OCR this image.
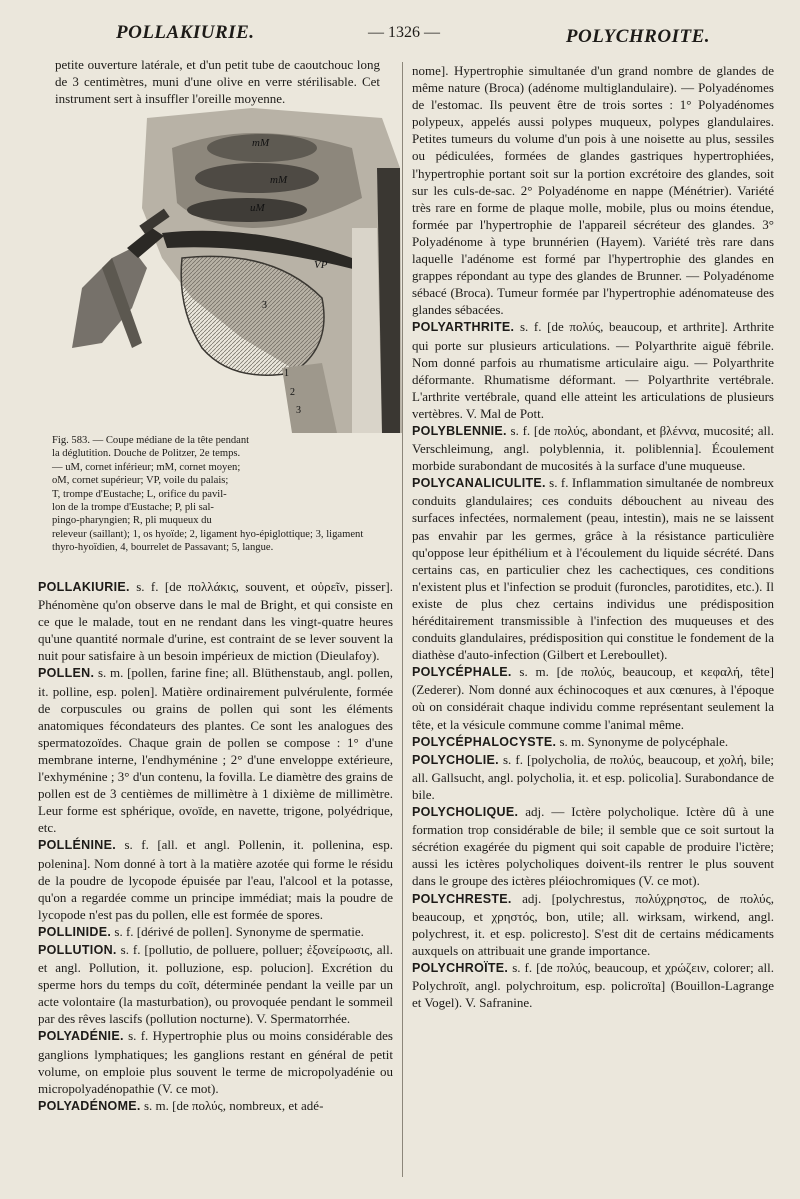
POLLAKIURIE.	— 1326 —	POLYCHROITE.

petite ouverture latérale, et d'un petit tube de caoutchouc long de 3 centimètres, muni d'une olive en verre stérilisable. Cet instrument sert à insuffler l'oreille moyenne.

mM
mM
uM
VP
3
2
1
3

Fig. 583. — Coupe médiane de la tête pendant

la déglutition. Douche de Politzer, 2e temps.

— uM, cornet inférieur; mM, cornet moyen;

oM, cornet supérieur; VP, voile du palais;

T, trompe d'Eustache; L, orifice du pavil-

lon de la trompe d'Eustache; P, pli sal-

pingo-pharyngien; R, pli muqueux du

releveur (saillant); 1, os hyoïde; 2, ligament hyo-épiglottique; 3, ligament

thyro-hyoïdien, 4, bourrelet de Passavant; 5, langue.

POLLAKIURIE. s. f. [de πολλάκις, souvent, et οὐρεῖν, pisser]. Phénomène qu'on observe dans le mal de Bright, et qui consiste en ce que le malade, tout en ne rendant dans les vingt-quatre heures qu'une quantité normale d'urine, est contraint de se lever souvent la nuit pour satisfaire à un besoin impérieux de miction (Dieulafoy).

POLLEN. s. m. [pollen, farine fine; all. Blüthenstaub, angl. pollen, it. polline, esp. polen]. Matière ordinairement pulvérulente, formée de corpuscules ou grains de pollen qui sont les éléments anatomiques fécondateurs des plantes. Ce sont les analogues des spermatozoïdes. Chaque grain de pollen se compose : 1° d'une membrane interne, l'endhyménine ; 2° d'une enveloppe extérieure, l'exhyménine ; 3° d'un contenu, la fovilla. Le diamètre des grains de pollen est de 3 centièmes de millimètre à 1 dixième de millimètre. Leur forme est sphérique, ovoïde, en navette, trigone, polyédrique, etc.

POLLÉNINE. s. f. [all. et angl. Pollenin, it. pollenina, esp. polenina]. Nom donné à tort à la matière azotée qui forme le résidu de la poudre de lycopode épuisée par l'eau, l'alcool et la potasse, qu'on a regardée comme un principe immédiat; mais la poudre de lycopode n'est pas du pollen, elle est formée de spores.

POLLINIDE. s. f. [dérivé de pollen]. Synonyme de spermatie.

POLLUTION. s. f. [pollutio, de polluere, polluer; ἐξονείρωσις, all. et angl. Pollution, it. polluzione, esp. polucion]. Excrétion du sperme hors du temps du coït, déterminée pendant la veille par un acte volontaire (la masturbation), ou provoquée pendant le sommeil par des rêves lascifs (pollution nocturne). V. Spermatorrhée.

POLYADÉNIE. s. f. Hypertrophie plus ou moins considérable des ganglions lymphatiques; les ganglions restant en général de petit volume, on emploie plus souvent le terme de micropolyadénie ou micropolyadénopathie (V. ce mot).

POLYADÉNOME. s. m. [de πολύς, nombreux, et adé-

nome]. Hypertrophie simultanée d'un grand nombre de glandes de même nature (Broca) (adénome multiglandulaire). — Polyadénomes de l'estomac. Ils peuvent être de trois sortes : 1° Polyadénomes polypeux, appelés aussi polypes muqueux, polypes glandulaires. Petites tumeurs du volume d'un pois à une noisette au plus, sessiles ou pédiculées, formées de glandes gastriques hypertrophiées, l'hypertrophie portant soit sur la portion excrétoire des glandes, soit sur les culs-de-sac. 2° Polyadénome en nappe (Ménétrier). Variété très rare en forme de plaque molle, mobile, plus ou moins étendue, formée par l'hypertrophie de l'appareil sécréteur des glandes. 3° Polyadénome à type brunnérien (Hayem). Variété très rare dans laquelle l'adénome est formé par l'hypertrophie des glandes en grappes répondant au type des glandes de Brunner. — Polyadénome sébacé (Broca). Tumeur formée par l'hypertrophie adénomateuse des glandes sébacées.

POLYARTHRITE. s. f. [de πολύς, beaucoup, et arthrite]. Arthrite qui porte sur plusieurs articulations. — Polyarthrite aiguë fébrile. Nom donné parfois au rhumatisme articulaire aigu. — Polyarthrite déformante. Rhumatisme déformant. — Polyarthrite vertébrale. L'arthrite vertébrale, quand elle atteint les articulations de plusieurs vertèbres. V. Mal de Pott.

POLYBLENNIE. s. f. [de πολύς, abondant, et βλέννα, mucosité; all. Verschleimung, angl. polyblennia, it. poliblennia]. Écoulement morbide surabondant de mucosités à la surface d'une muqueuse.

POLYCANALICULITE. s. f. Inflammation simultanée de nombreux conduits glandulaires; ces conduits débouchent au niveau des surfaces infectées, normalement (peau, intestin), mais ne se laissent pas envahir par les germes, grâce à la résistance particulière qu'oppose leur épithélium et à l'écoulement du liquide sécrété. Dans certains cas, en particulier chez les cachectiques, ces conditions n'existent plus et l'infection se produit (furoncles, parotidites, etc.). Il existe de plus chez certains individus une prédisposition héréditairement transmissible à l'infection des muqueuses et des conduits glandulaires, prédisposition qui constitue le fondement de la diathèse d'auto-infection (Gilbert et Lereboullet).

POLYCÉPHALE. s. m. [de πολύς, beaucoup, et κεφαλή, tête] (Zederer). Nom donné aux échinocoques et aux cœnures, à l'époque où on considérait chaque individu comme représentant seulement la tête, et la vésicule commune comme l'animal même.

POLYCÉPHALOCYSTE. s. m. Synonyme de polycéphale.

POLYCHOLIE. s. f. [polycholia, de πολύς, beaucoup, et χολή, bile; all. Gallsucht, angl. polycholia, it. et esp. policolia]. Surabondance de bile.

POLYCHOLIQUE. adj. — Ictère polycholique. Ictère dû à une formation trop considérable de bile; il semble que ce soit surtout la sécrétion exagérée du pigment qui soit capable de produire l'ictère; aussi les ictères polycholiques doivent-ils rentrer le plus souvent dans le groupe des ictères pléiochromiques (V. ce mot).

POLYCHRESTE. adj. [polychrestus, πολύχρηστος, de πολύς, beaucoup, et χρηστός, bon, utile; all. wirksam, wirkend, angl. polychrest, it. et esp. policresto]. S'est dit de certains médicaments auxquels on attribuait une grande importance.

POLYCHROÏTE. s. f. [de πολύς, beaucoup, et χρώζειν, colorer; all. Polychroït, angl. polychroitum, esp. policroïta] (Bouillon-Lagrange et Vogel). V. Safranine.
